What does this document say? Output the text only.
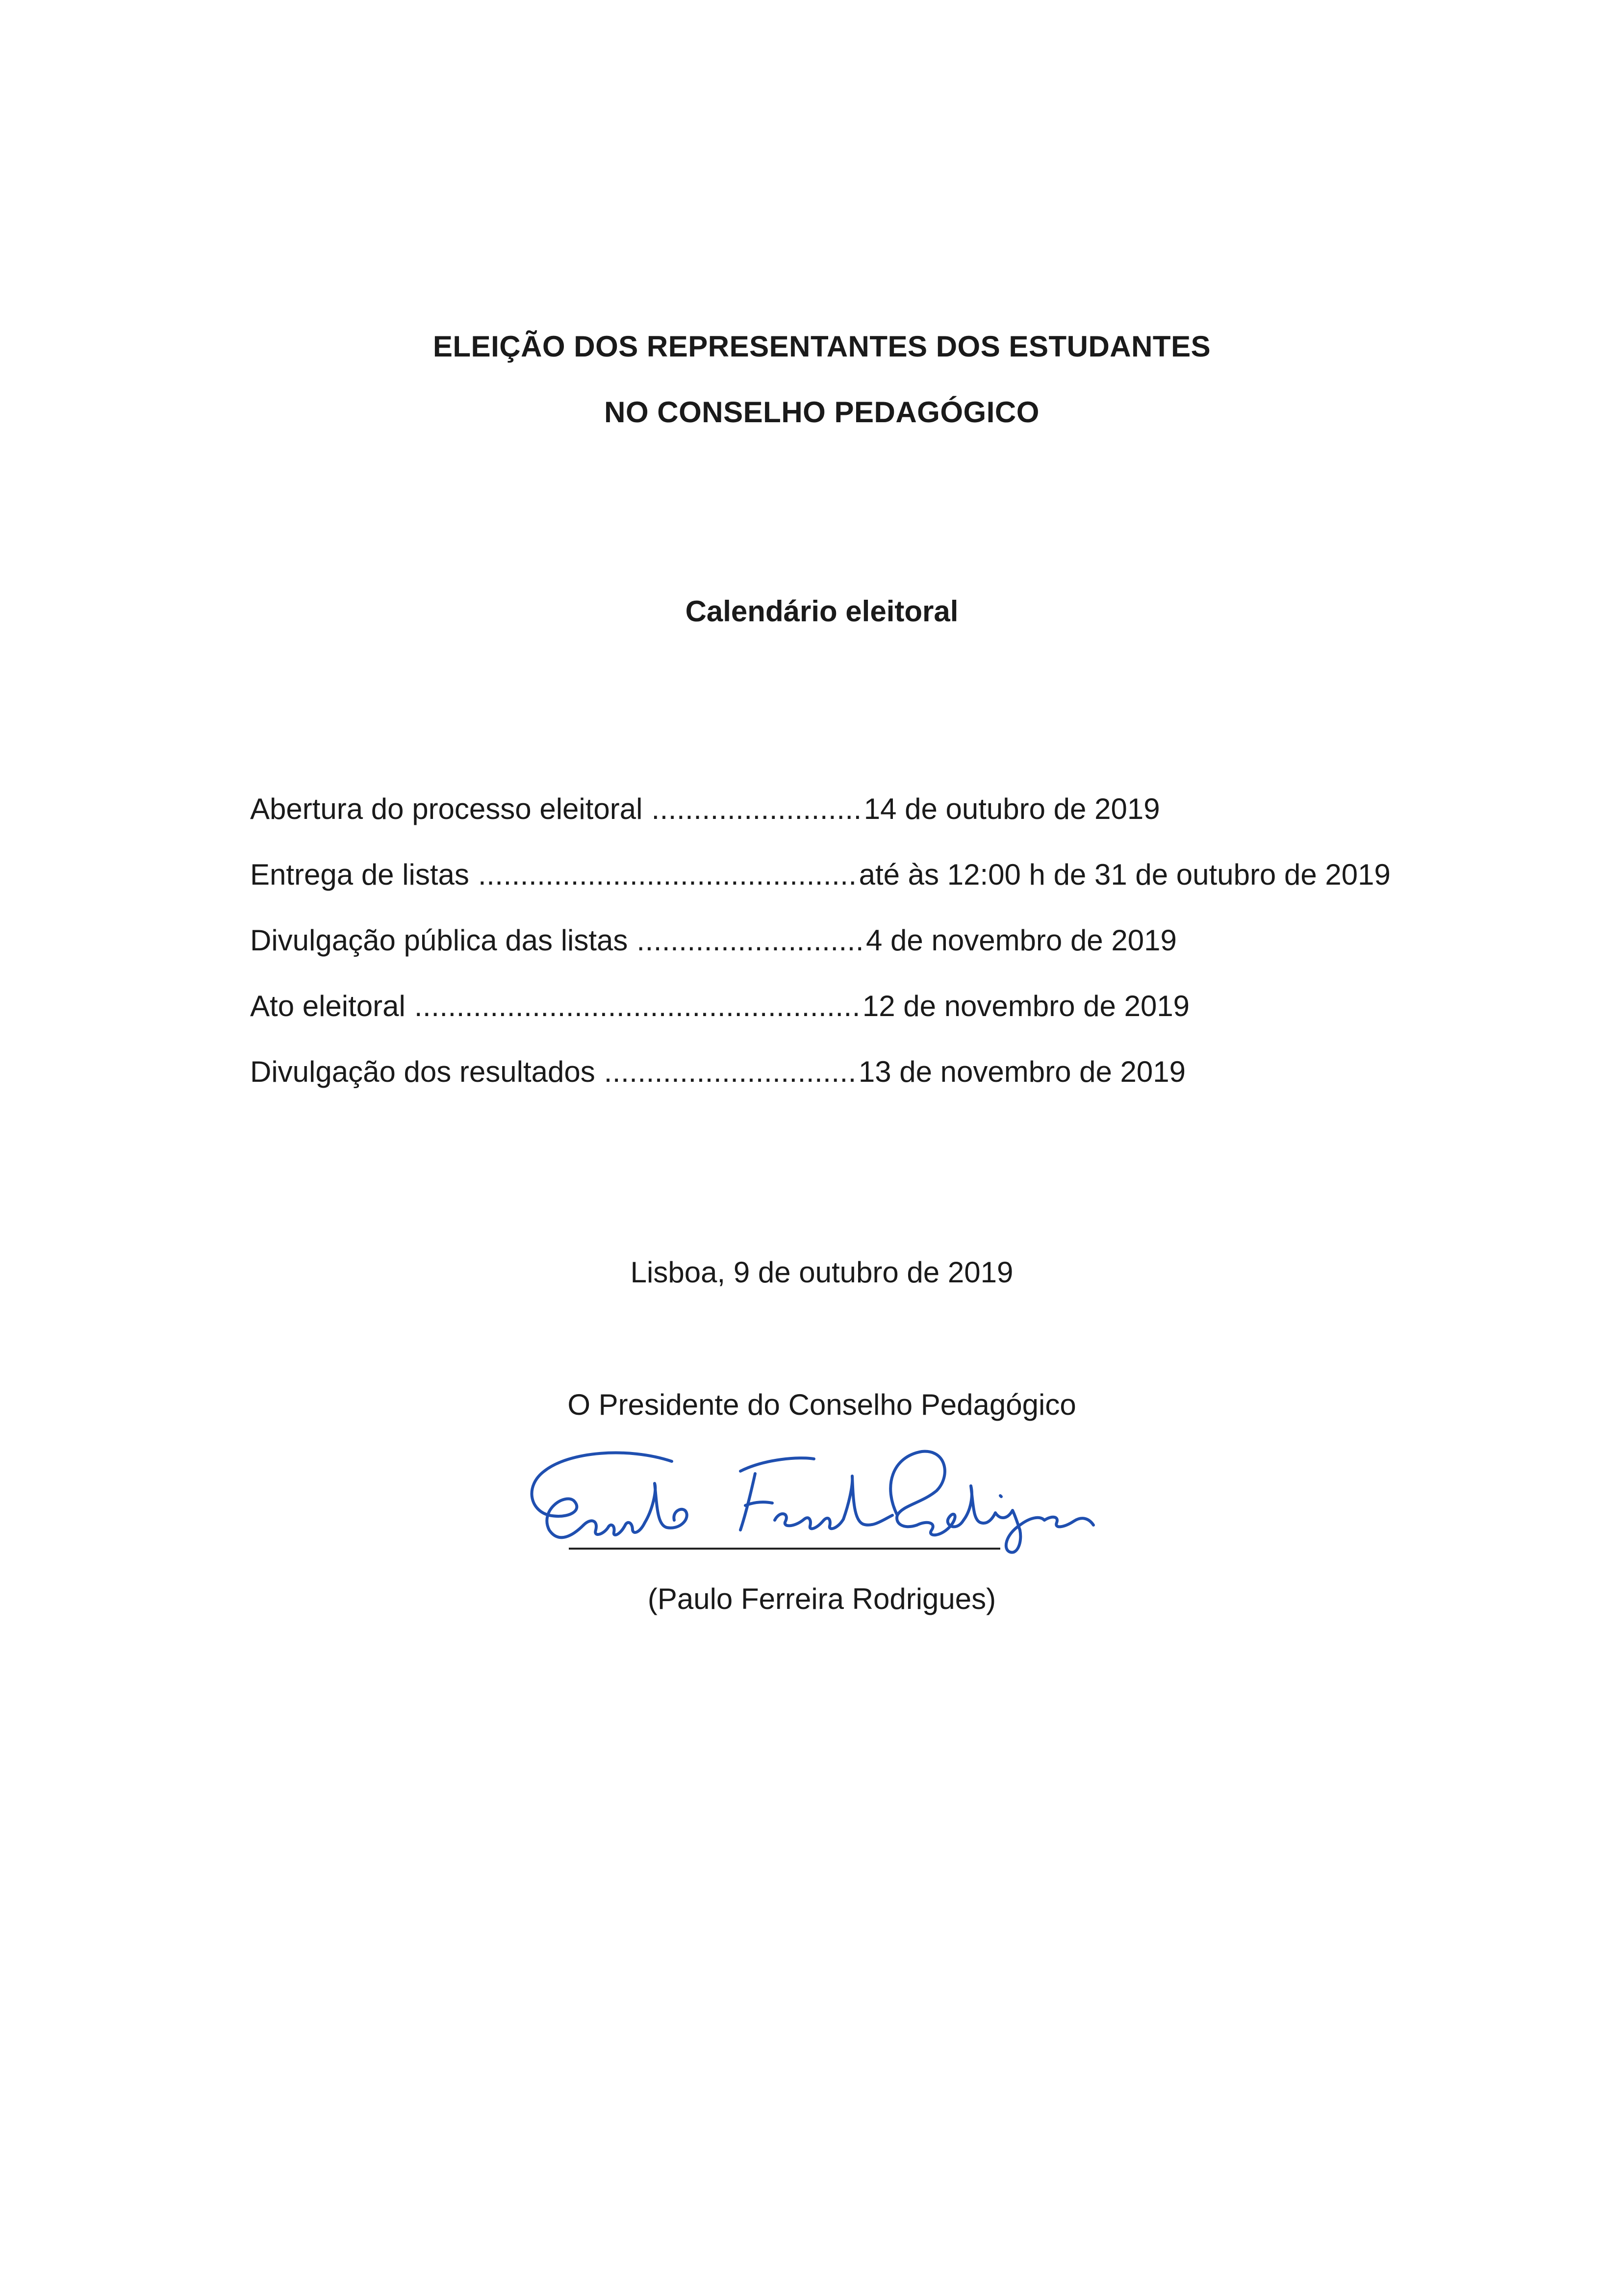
ELEIÇÃO DOS REPRESENTANTES DOS ESTUDANTES
NO CONSELHO PEDAGÓGICO
Calendário eleitoral
Abertura do processo eleitoral ......................... 14 de outubro de 2019
Entrega de listas ............................................. até às 12:00 h de 31 de outubro de 2019
Divulgação pública das listas ........................... 4 de novembro de 2019
Ato eleitoral ..................................................... 12 de novembro de 2019
Divulgação dos resultados .............................. 13 de novembro de 2019
Lisboa, 9 de outubro de 2019
O Presidente do Conselho Pedagógico
(Paulo Ferreira Rodrigues)
